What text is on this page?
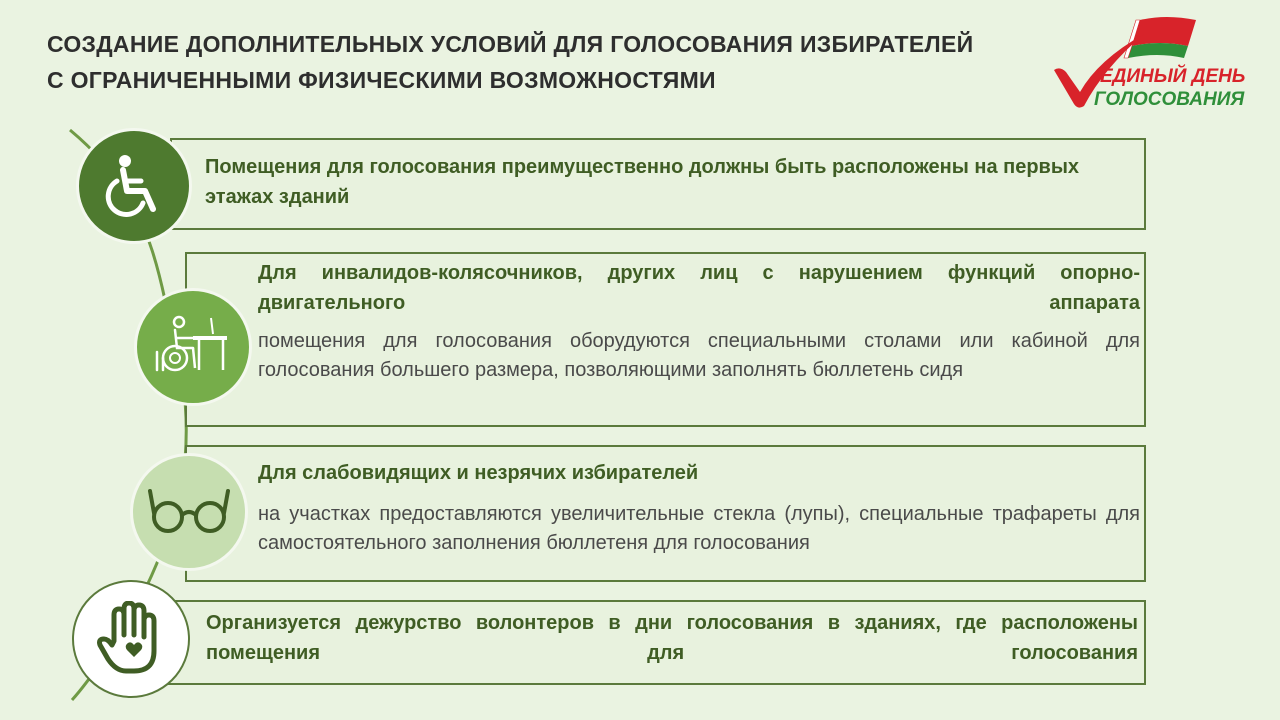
СОЗДАНИЕ ДОПОЛНИТЕЛЬНЫХ УСЛОВИЙ ДЛЯ ГОЛОСОВАНИЯ ИЗБИРАТЕЛЕЙ
С ОГРАНИЧЕННЫМИ ФИЗИЧЕСКИМИ ВОЗМОЖНОСТЯМИ	ЕДИНЫЙ ДЕНЬ
ГОЛОСОВАНИЯ
Помещения для голосования преимущественно должны быть расположены на первых этажах зданий
Для инвалидов-колясочников, других лиц с нарушением функций опорно-двигательного аппарата
помещения для голосования оборудуются специальными столами или кабиной для голосования большего размера, позволяющими заполнять бюллетень сидя
Для слабовидящих и незрячих избирателей
на участках предоставляются увеличительные стекла (лупы), специальные трафареты для самостоятельного заполнения бюллетеня для голосования
Организуется дежурство волонтеров в дни голосования в зданиях, где расположены помещения для голосования
